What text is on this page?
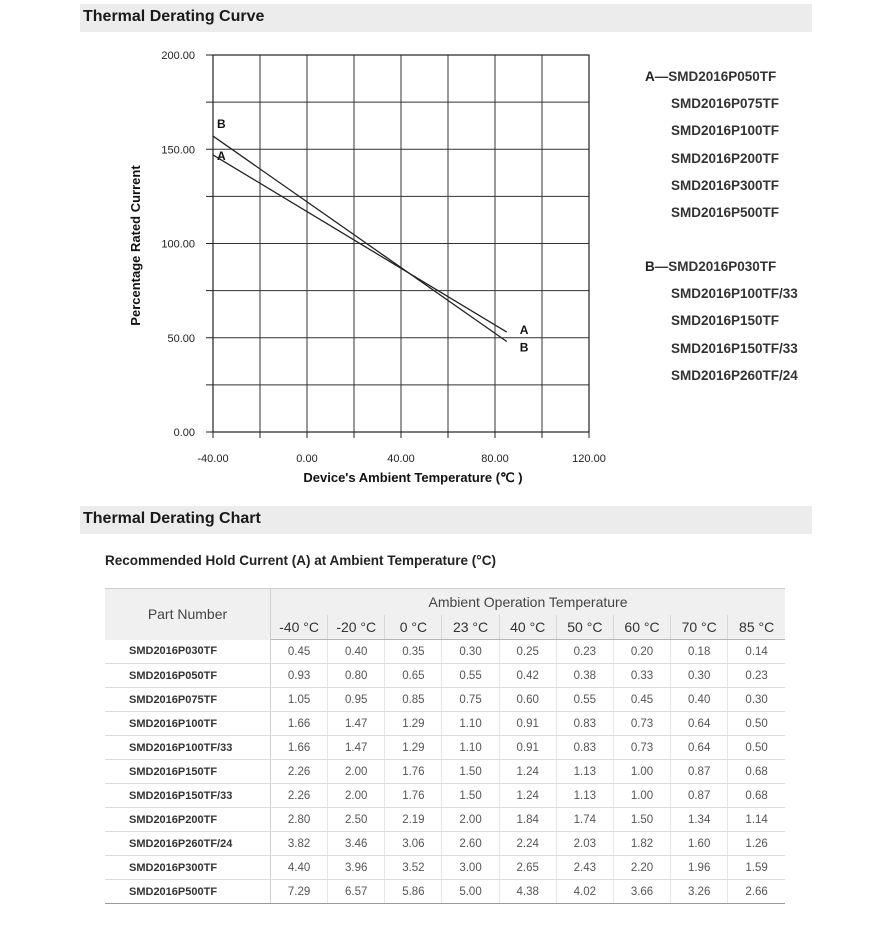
Thermal Derating Curve
0.00
50.00
100.00
150.00
200.00
-40.00	0.00	40.00	80.00	120.00
Device's Ambient Temperature (℃ )
Percentage Rated Current
A
A
B
B
A—SMD2016P050TF
SMD2016P075TF
SMD2016P100TF
SMD2016P200TF
SMD2016P300TF
SMD2016P500TF
B—SMD2016P030TF
SMD2016P100TF/33
SMD2016P150TF
SMD2016P150TF/33
SMD2016P260TF/24
Thermal Derating Chart
Recommended Hold Current (A) at Ambient Temperature (°C)
Part Number	Ambient Operation Temperature								
	-40 °C	-20 °C	0 °C	23 °C	40 °C	50 °C	60 °C	70 °C	85 °C
SMD2016P030TF	0.45	0.40	0.35	0.30	0.25	0.23	0.20	0.18	0.14
SMD2016P050TF	0.93	0.80	0.65	0.55	0.42	0.38	0.33	0.30	0.23
SMD2016P075TF	1.05	0.95	0.85	0.75	0.60	0.55	0.45	0.40	0.30
SMD2016P100TF	1.66	1.47	1.29	1.10	0.91	0.83	0.73	0.64	0.50
SMD2016P100TF/33	1.66	1.47	1.29	1.10	0.91	0.83	0.73	0.64	0.50
SMD2016P150TF	2.26	2.00	1.76	1.50	1.24	1.13	1.00	0.87	0.68
SMD2016P150TF/33	2.26	2.00	1.76	1.50	1.24	1.13	1.00	0.87	0.68
SMD2016P200TF	2.80	2.50	2.19	2.00	1.84	1.74	1.50	1.34	1.14
SMD2016P260TF/24	3.82	3.46	3.06	2.60	2.24	2.03	1.82	1.60	1.26
SMD2016P300TF	4.40	3.96	3.52	3.00	2.65	2.43	2.20	1.96	1.59
SMD2016P500TF	7.29	6.57	5.86	5.00	4.38	4.02	3.66	3.26	2.66
